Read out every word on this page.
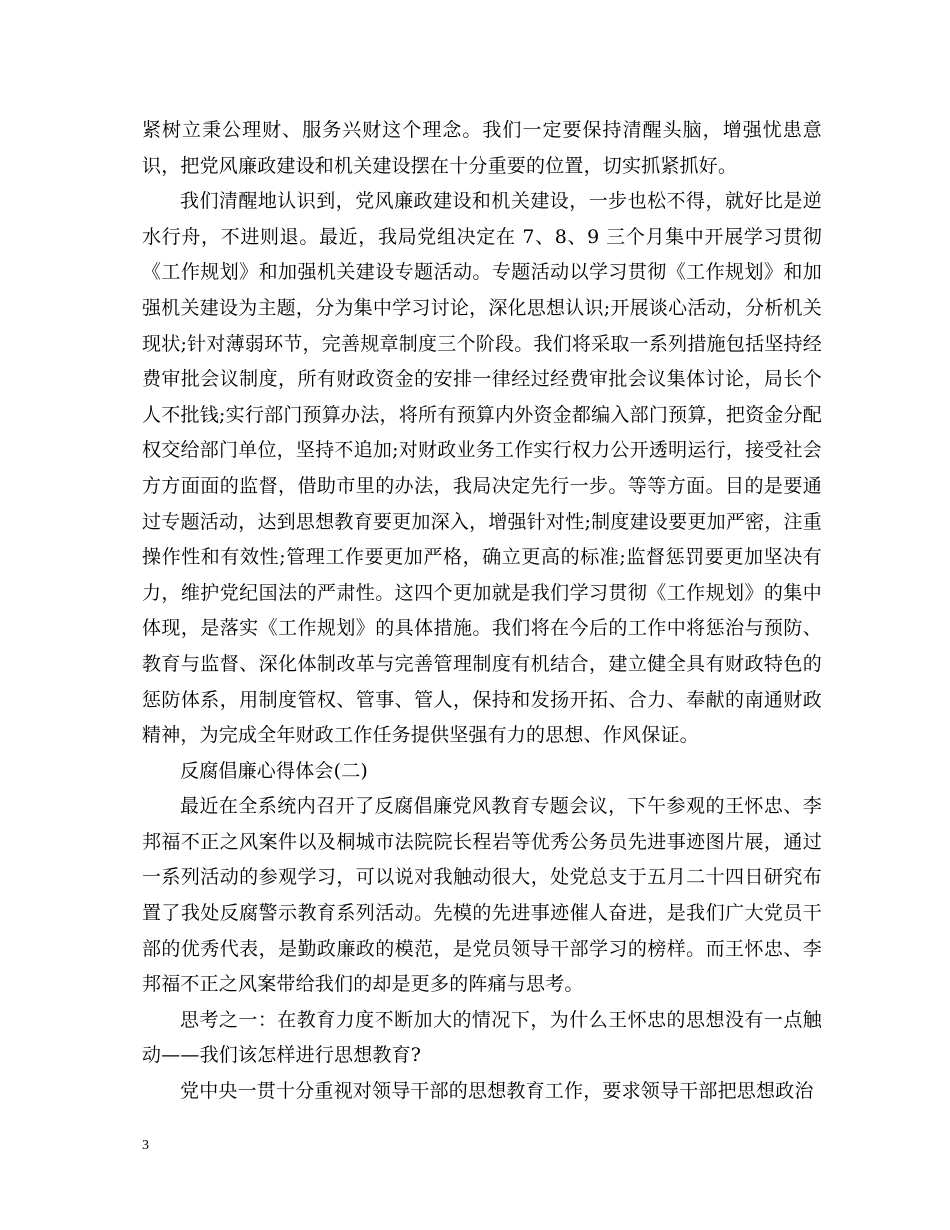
紧树立秉公理财、服务兴财这个理念。我们一定要保持清醒头脑，增强忧患意识，把党风廉政建设和机关建设摆在十分重要的位置，切实抓紧抓好。

我们清醒地认识到，党风廉政建设和机关建设，一步也松不得，就好比是逆水行舟，不进则退。最近，我局党组决定在 7、8、9 三个月集中开展学习贯彻《工作规划》和加强机关建设专题活动。专题活动以学习贯彻《工作规划》和加强机关建设为主题，分为集中学习讨论，深化思想认识;开展谈心活动，分析机关现状;针对薄弱环节，完善规章制度三个阶段。我们将采取一系列措施包括坚持经费审批会议制度，所有财政资金的安排一律经过经费审批会议集体讨论，局长个人不批钱;实行部门预算办法，将所有预算内外资金都编入部门预算，把资金分配权交给部门单位，坚持不追加;对财政业务工作实行权力公开透明运行，接受社会方方面面的监督，借助市里的办法，我局决定先行一步。等等方面。目的是要通过专题活动，达到思想教育要更加深入，增强针对性;制度建设要更加严密，注重操作性和有效性;管理工作要更加严格，确立更高的标准;监督惩罚要更加坚决有力，维护党纪国法的严肃性。这四个更加就是我们学习贯彻《工作规划》的集中体现，是落实《工作规划》的具体措施。我们将在今后的工作中将惩治与预防、教育与监督、深化体制改革与完善管理制度有机结合，建立健全具有财政特色的惩防体系，用制度管权、管事、管人，保持和发扬开拓、合力、奉献的南通财政精神，为完成全年财政工作任务提供坚强有力的思想、作风保证。

反腐倡廉心得体会(二)

最近在全系统内召开了反腐倡廉党风教育专题会议，下午参观的王怀忠、李邦福不正之风案件以及桐城市法院院长程岩等优秀公务员先进事迹图片展，通过一系列活动的参观学习，可以说对我触动很大，处党总支于五月二十四日研究布置了我处反腐警示教育系列活动。先模的先进事迹催人奋进，是我们广大党员干部的优秀代表，是勤政廉政的模范，是党员领导干部学习的榜样。而王怀忠、李邦福不正之风案带给我们的却是更多的阵痛与思考。

思考之一：在教育力度不断加大的情况下，为什么王怀忠的思想没有一点触动——我们该怎样进行思想教育?

党中央一贯十分重视对领导干部的思想教育工作，要求领导干部把思想政治

3
